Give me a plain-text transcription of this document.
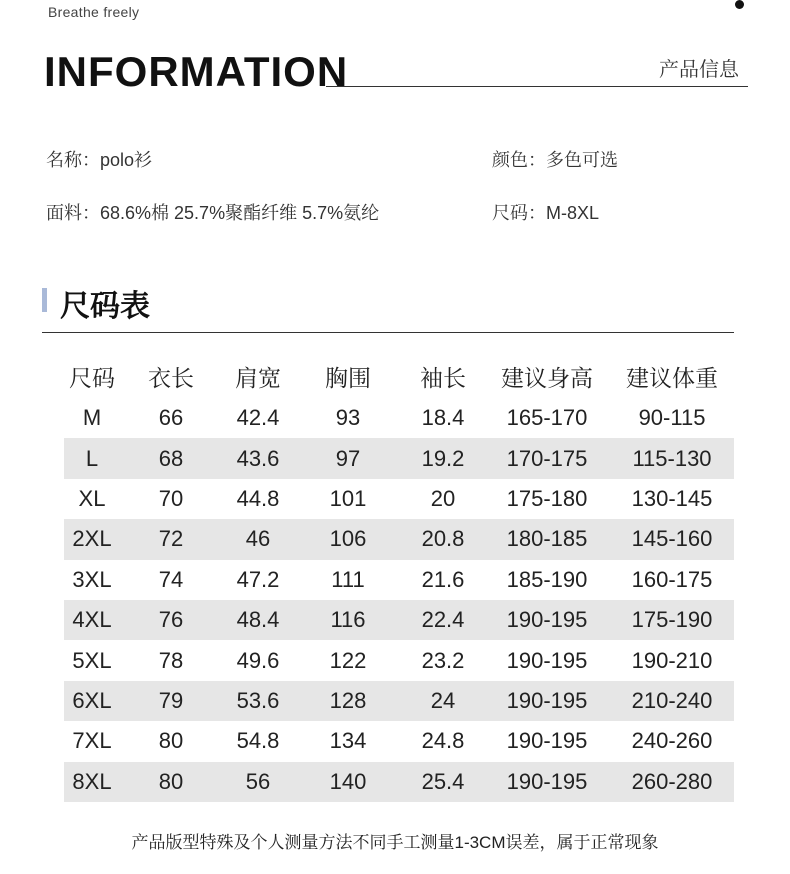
Breathe freely
INFORMATION	产品信息
名称：polo衫	颜色：多色可选
面料：68.6%棉 25.7%聚酯纤维 5.7%氨纶	尺码：M-8XL
尺码表
尺码	衣长	肩宽	胸围	袖长	建议身高	建议体重
M	66	42.4	93	18.4	165-170	90-115
L	68	43.6	97	19.2	170-175	115-130
XL	70	44.8	101	20	175-180	130-145
2XL	72	46	106	20.8	180-185	145-160
3XL	74	47.2	111	21.6	185-190	160-175
4XL	76	48.4	116	22.4	190-195	175-190
5XL	78	49.6	122	23.2	190-195	190-210
6XL	79	53.6	128	24	190-195	210-240
7XL	80	54.8	134	24.8	190-195	240-260
8XL	80	56	140	25.4	190-195	260-280
产品版型特殊及个人测量方法不同手工测量1-3CM误差，属于正常现象
